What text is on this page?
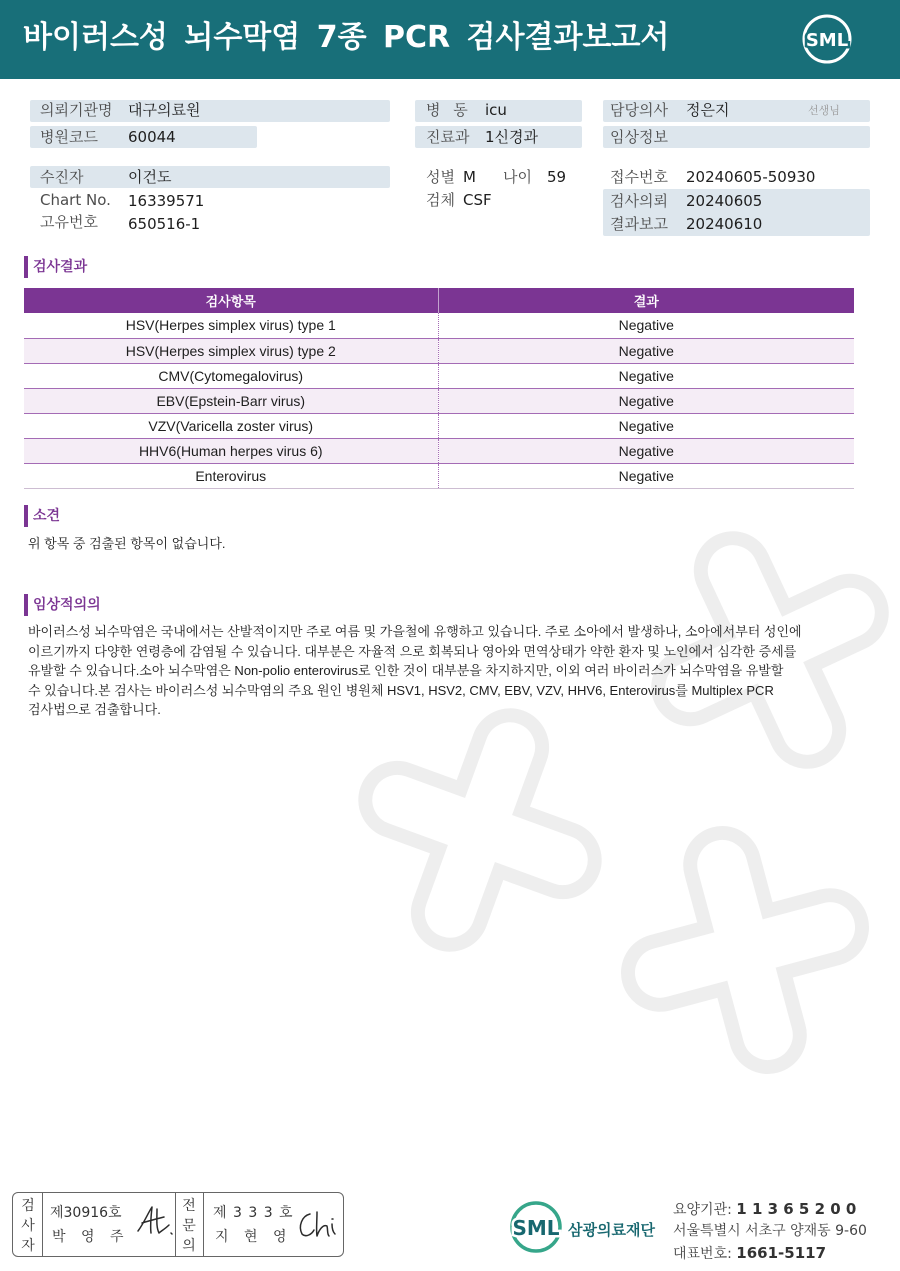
바이러스성 뇌수막염 7종 PCR 검사결과보고서	SML
의뢰기관명 대구의료원
병원코드 60044
수진자	이건도
Chart No. 16339571
고유번호 650516-1
병 동 icu
진료과 1신경과
성별 M 나이 59
검체 CSF
담당의사 정은지	선생님
임상정보
접수번호 20240605-50930
검사의뢰 20240605
결과보고 20240610
검사결과
검사항목	결과
HSV(Herpes simplex virus) type 1	Negative
HSV(Herpes simplex virus) type 2	Negative
CMV(Cytomegalovirus)	Negative
EBV(Epstein-Barr virus)	Negative
VZV(Varicella zoster virus)	Negative
HHV6(Human herpes virus 6)	Negative
Enterovirus	Negative
소견
위 항목 중 검출된 항목이 없습니다.
임상적의의
바이러스성 뇌수막염은 국내에서는 산발적이지만 주로 여름 및 가을철에 유행하고 있습니다. 주로 소아에서 발생하나, 소아에서부터 성인에
이르기까지 다양한 연령층에 감염될 수 있습니다. 대부분은 자율적 으로 회복되나 영아와 면역상태가 약한 환자 및 노인에서 심각한 증세를
유발할 수 있습니다.소아 뇌수막염은 Non-polio enterovirus로 인한 것이 대부분을 차지하지만, 이외 여러 바이러스가 뇌수막염을 유발할
수 있습니다.본 검사는 바이러스성 뇌수막염의 주요 원인 병원체 HSV1, HSV2, CMV, EBV, VZV, HHV6, Enterovirus를 Multiplex PCR
검사법으로 검출합니다.
검사자
제30916호
박 영 주
전문의
제 3 3 3 호
지 현 영	SML 삼광의료재단
요양기관: 1 1 3 6 5 2 0 0
서울특별시 서초구 양재동 9-60
대표번호: 1661-5117
